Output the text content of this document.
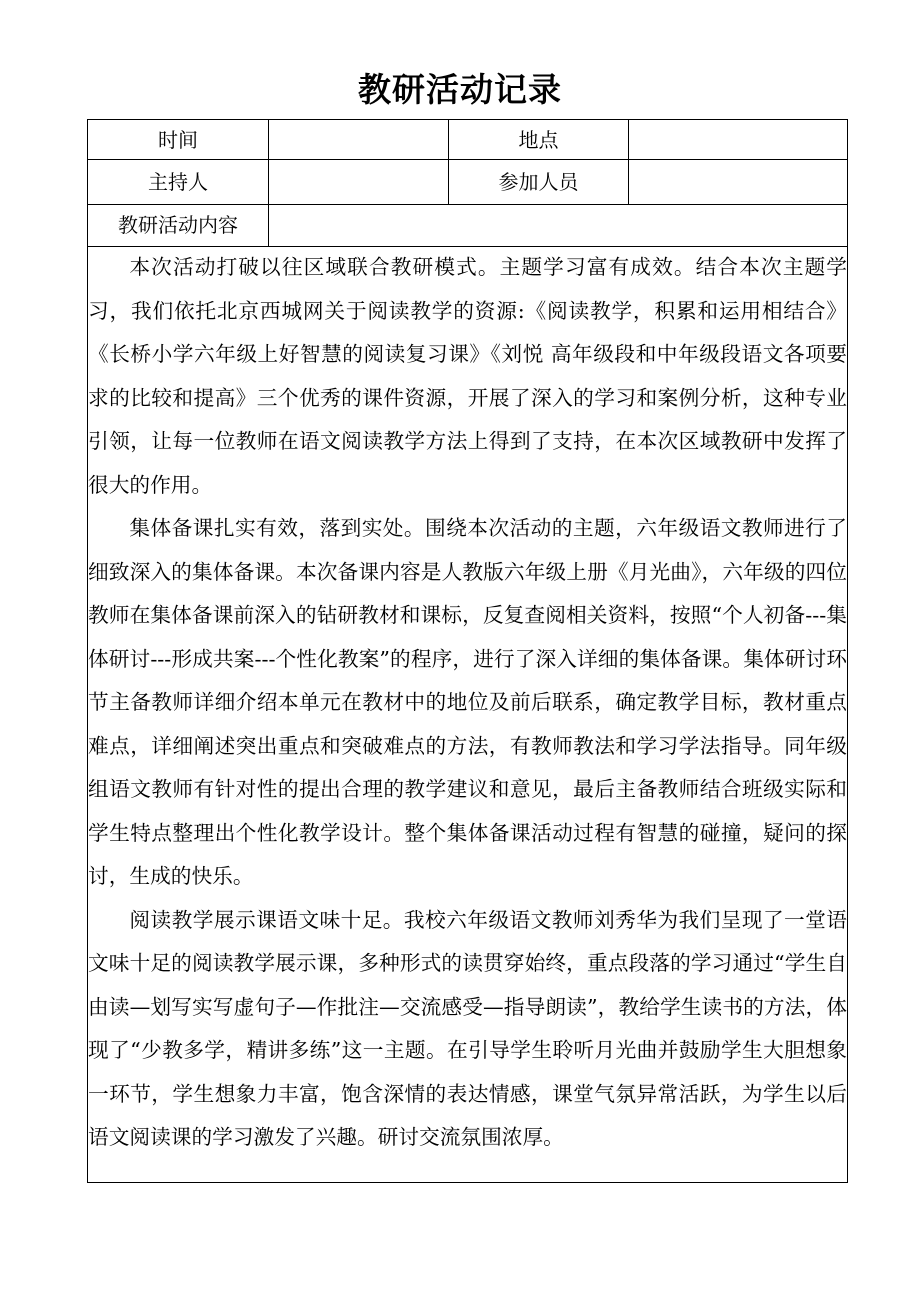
教研活动记录
时间	地点
主持人	参加人员
教研活动内容

本次活动打破以往区域联合教研模式。主题学习富有成效。结合本次主题学习，我们依托北京西城网关于阅读教学的资源:《阅读教学，积累和运用相结合》《长桥小学六年级上好智慧的阅读复习课》《刘悦 高年级段和中年级段语文各项要求的比较和提高》三个优秀的课件资源，开展了深入的学习和案例分析，这种专业引领，让每一位教师在语文阅读教学方法上得到了支持，在本次区域教研中发挥了很大的作用。

集体备课扎实有效，落到实处。围绕本次活动的主题，六年级语文教师进行了细致深入的集体备课。本次备课内容是人教版六年级上册《月光曲》，六年级的四位教师在集体备课前深入的钻研教材和课标，反复查阅相关资料，按照“个人初备---集体研讨---形成共案---个性化教案”的程序，进行了深入详细的集体备课。集体研讨环节主备教师详细介绍本单元在教材中的地位及前后联系，确定教学目标，教材重点难点，详细阐述突出重点和突破难点的方法，有教师教法和学习学法指导。同年级组语文教师有针对性的提出合理的教学建议和意见，最后主备教师结合班级实际和学生特点整理出个性化教学设计。整个集体备课活动过程有智慧的碰撞，疑问的探讨，生成的快乐。

阅读教学展示课语文味十足。我校六年级语文教师刘秀华为我们呈现了一堂语文味十足的阅读教学展示课，多种形式的读贯穿始终，重点段落的学习通过“学生自由读—划写实写虚句子—作批注—交流感受—指导朗读”，教给学生读书的方法，体现了“少教多学，精讲多练”这一主题。在引导学生聆听月光曲并鼓励学生大胆想象一环节，学生想象力丰富，饱含深情的表达情感，课堂气氛异常活跃，为学生以后语文阅读课的学习激发了兴趣。研讨交流氛围浓厚。
